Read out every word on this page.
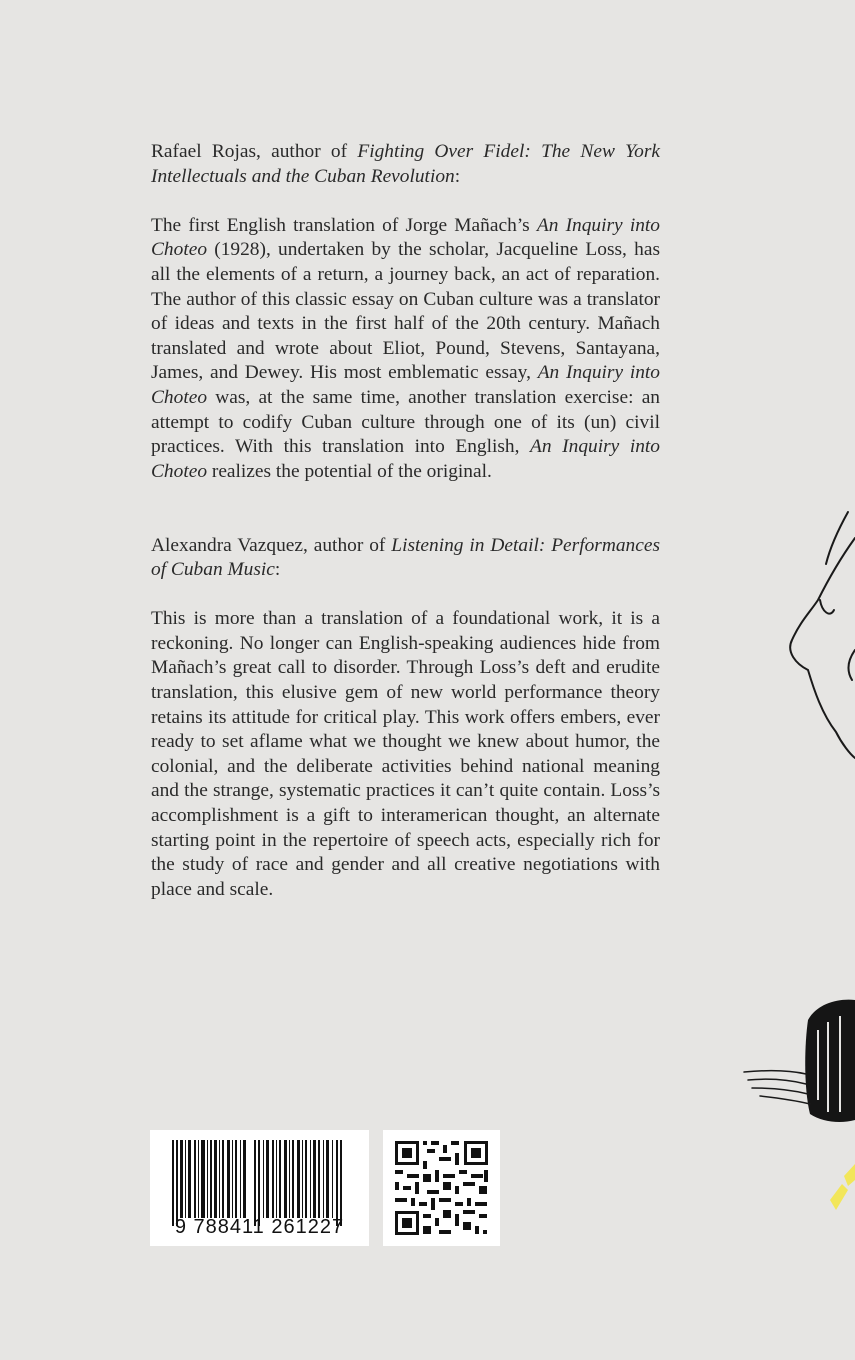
Rafael Rojas, author of Fighting Over Fidel: The New York Intellectuals and the Cuban Revolution:

The first English translation of Jorge Mañach’s An Inquiry into Choteo (1928), undertaken by the scholar, Jacqueline Loss, has all the elements of a return, a journey back, an act of reparation. The author of this classic essay on Cuban culture was a translator of ideas and texts in the first half of the 20th century. Mañach translated and wrote about Eliot, Pound, Stevens, Santayana, James, and Dewey. His most emblematic essay, An Inquiry into Choteo was, at the same time, another translation exercise: an attempt to codify Cuban culture through one of its (un) civil practices. With this translation into English, An Inquiry into Choteo realizes the potential of the original.

Alexandra Vazquez, author of Listening in Detail: Performances of Cuban Music:

This is more than a translation of a foundational work, it is a reckoning. No longer can English-speaking audiences hide from Mañach’s great call to disorder. Through Loss’s deft and erudite translation, this elusive gem of new world performance theory retains its attitude for critical play. This work offers embers, ever ready to set aflame what we thought we knew about humor, the colonial, and the deliberate activities behind national meaning and the strange, systematic practices it can’t quite contain. Loss’s accomplishment is a gift to interamerican thought, an alternate starting point in the repertoire of speech acts, especially rich for the study of race and gender and all creative negotiations with place and scale.

9 788411 261227
